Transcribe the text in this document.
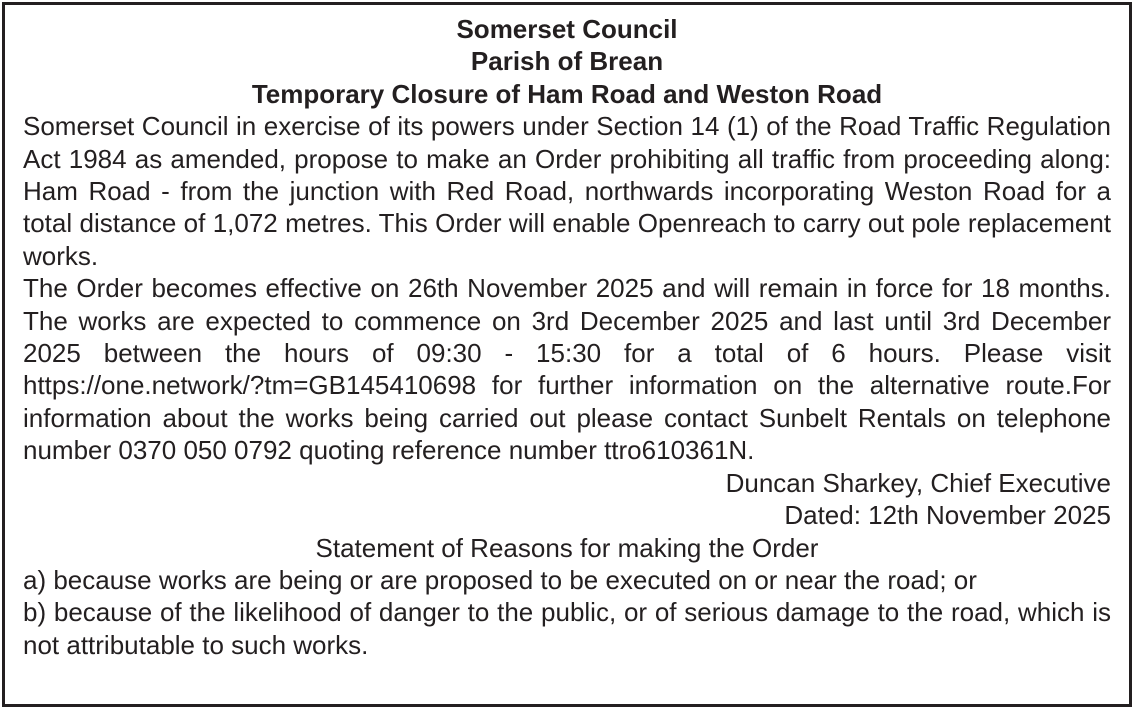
Somerset Council
Parish of Brean
Temporary Closure of Ham Road and Weston Road

Somerset Council in exercise of its powers under Section 14 (1) of the Road Traffic Regulation Act 1984 as amended, propose to make an Order prohibiting all traffic from proceeding along: Ham Road - from the junction with Red Road, northwards incorporating Weston Road for a total distance of 1,072 metres. This Order will enable Openreach to carry out pole replacement works.

The Order becomes effective on 26th November 2025 and will remain in force for 18 months. The works are expected to commence on 3rd December 2025 and last until 3rd December 2025 between the hours of 09:30 - 15:30 for a total of 6 hours. Please visit https://one.network/?tm=GB145410698 for further information on the alternative route.For information about the works being carried out please contact Sunbelt Rentals on telephone number 0370 050 0792 quoting reference number ttro610361N.

Duncan Sharkey, Chief Executive
Dated: 12th November 2025
Statement of Reasons for making the Order

a) because works are being or are proposed to be executed on or near the road; or

b) because of the likelihood of danger to the public, or of serious damage to the road, which is not attributable to such works.
